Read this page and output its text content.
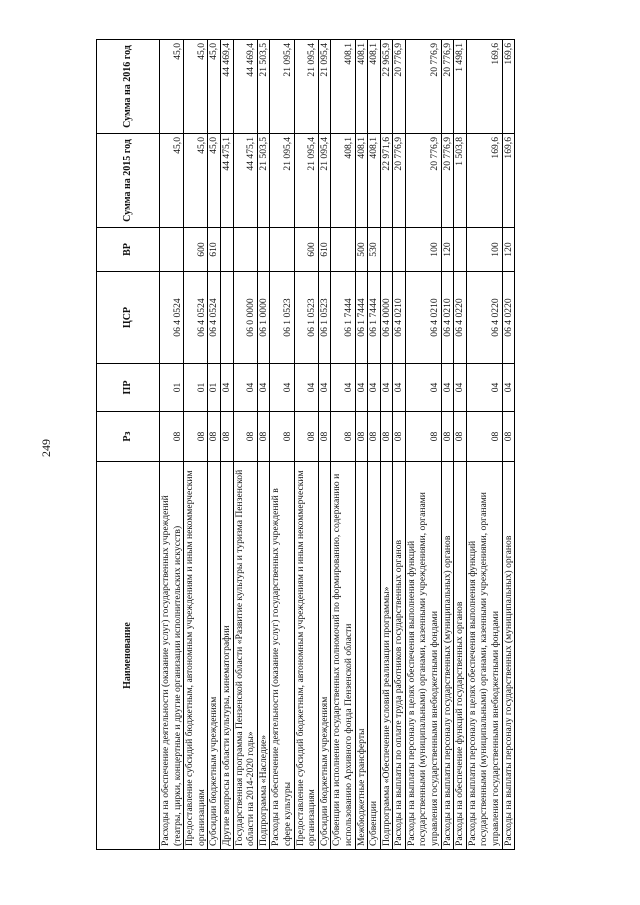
249
Наименование	Рз	ПР	ЦСР	ВР	Сумма на 2015 год	Сумма на 2016 год
Расходы на обеспечение деятельности (оказание услуг) государственных учреждений (театры, цирки, концертные и другие организации исполнительских искусств)	08	01	06 4 0524		45,0	45,0
Предоставление субсидий бюджетным, автономным учреждениям и иным некоммерческим организациям	08	01	06 4 0524	600	45,0	45,0
Субсидии бюджетным учреждениям	08	01	06 4 0524	610	45,0	45,0
Другие вопросы в области культуры, кинематографии	08	04			44 475,1	44 469,4
Государственная программа Пензенской области «Развитие культуры и туризма Пензенской области на 2014-2020 годы»	08	04	06 0 0000		44 475,1	44 469,4
Подпрограмма «Наследие»	08	04	06 1 0000		21 503,5	21 503,5
Расходы на обеспечение деятельности (оказание услуг) государственных учреждений в сфере культуры	08	04	06 1 0523		21 095,4	21 095,4
Предоставление субсидий бюджетным, автономным учреждениям и иным некоммерческим организациям	08	04	06 1 0523	600	21 095,4	21 095,4
Субсидии бюджетным учреждениям	08	04	06 1 0523	610	21 095,4	21 095,4
Субвенции на исполнение государственных полномочий по формированию, содержанию и использованию Архивного фонда Пензенской области	08	04	06 1 7444		408,1	408,1
Межбюджетные трансферты	08	04	06 1 7444	500	408,1	408,1
Субвенции	08	04	06 1 7444	530	408,1	408,1
Подпрограмма «Обеспечение условий реализации программы»	08	04	06 4 0000		22 971,6	22 965,9
Расходы на выплаты по оплате труда работников государственных органов	08	04	06 4 0210		20 776,9	20 776,9
Расходы на выплаты персоналу в целях обеспечения выполнения функций государственными (муниципальными) органами, казенными учреждениями, органами управления государственными внебюджетными фондами	08	04	06 4 0210	100	20 776,9	20 776,9
Расходы на выплаты персоналу государственных (муниципальных) органов	08	04	06 4 0210	120	20 776,9	20 776,9
Расходы на обеспечение функций государственных органов	08	04	06 4 0220		1 503,8	1 498,1
Расходы на выплаты персоналу в целях обеспечения выполнения функций государственными (муниципальными) органами, казенными учреждениями, органами управления государственными внебюджетными фондами	08	04	06 4 0220	100	169,6	169,6
Расходы на выплаты персоналу государственных (муниципальных) органов	08	04	06 4 0220	120	169,6	169,6
